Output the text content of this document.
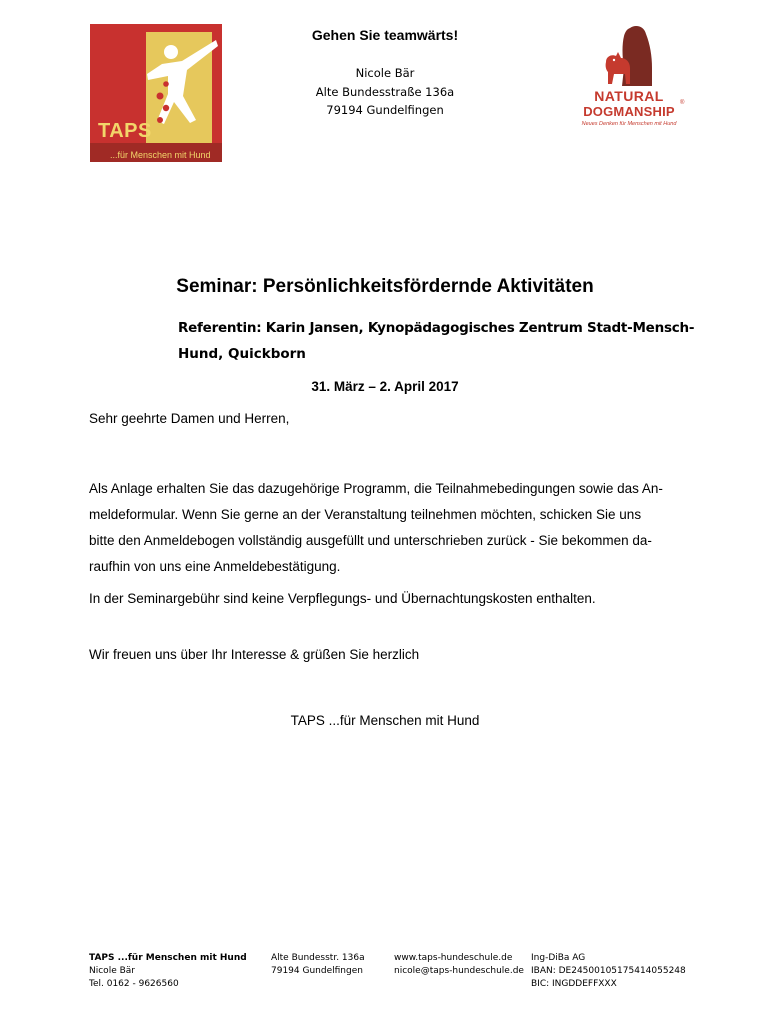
TAPS
...für Menschen mit Hund
Gehen Sie teamwärts!
Nicole Bär
Alte Bundesstraße 136a
79194 Gundelfingen
NATURAL
DOGMANSHIP
®
Neues Denken für Menschen mit Hund
Seminar: Persönlichkeitsfördernde Aktivitäten
Referentin: Karin Jansen, Kynopädagogisches Zentrum Stadt-Mensch-
Hund, Quickborn
31. März – 2. April 2017
Sehr geehrte Damen und Herren,
Als Anlage erhalten Sie das dazugehörige Programm, die Teilnahmebedingungen sowie das An-
meldeformular. Wenn Sie gerne an der Veranstaltung teilnehmen möchten, schicken Sie uns
bitte den Anmeldebogen vollständig ausgefüllt und unterschrieben zurück - Sie bekommen da-
raufhin von uns eine Anmeldebestätigung.
In der Seminargebühr sind keine Verpflegungs- und Übernachtungskosten enthalten.
Wir freuen uns über Ihr Interesse & grüßen Sie herzlich
TAPS ...für Menschen mit Hund
TAPS ...für Menschen mit Hund
Nicole Bär
Tel. 0162 - 9626560
Alte Bundesstr. 136a
79194 Gundelfingen
www.taps-hundeschule.de
nicole@taps-hundeschule.de
Ing-DiBa AG
IBAN: DE24500105175414055248
BIC: INGDDEFFXXX
